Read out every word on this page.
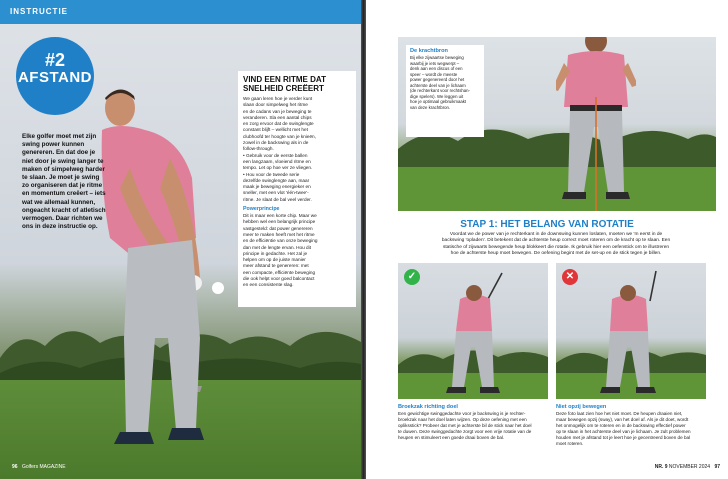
INSTRUCTIE
#2
AFSTAND
Elke golfer moet met zijn
swing power kunnen
genereren. En dat doe je
niet door je swing langer te
maken of simpelweg harder
te slaan. Je moet je swing
zo organiseren dat je ritme
en momentum creëert – iets
wat we allemaal kunnen,
ongeacht kracht of atletisch
vermogen. Daar richten we
ons in deze instructie op.
VIND EEN RITME DAT
SNELHEID CREËERT
We gaan leren hoe je verder kunt
slaan door simpelweg het ritme
en de cadans van je beweging te
veranderen. Sla een aantal chips
en zorg ervoor dat de swinglengte
constant blijft – wellicht met het
clubhoofd ter hoogte van je knieën,
zowel in de backswing als in de
follow-through.
• Gebruik voor de eerste ballen
een langzaam, vloeiend ritme en
tempo. Let op hoe ver ze vliegen.
• Hou voor de tweede serie
dezelfde swinglengte aan, maar
maak je beweging energieker en
sneller, met een vlot 'één-twee'-
ritme. Je slaat de bal veel verder.
Powerprincipe
Dit is maar een korte chip. Maar we
hebben wel een belangrijk principe
vastgesteld: dat power genereren
meer te maken heeft met het ritme
en de efficiëntie van onze beweging
dan met de lengte ervan. Hou dit
principe in gedachte. Het zal je
helpen om op de juiste manier
meer afstand te genereren: met
een compacte, efficiënte beweging
die ook helpt voor goed balcontact
en een consistente slag.
96 Golfers MAGAZINE
De krachtbron
Bij elke zijwaartse beweging
waarbij je iets wegwerpt –
denk aan een discus of een
speer – wordt de meeste
power gegenereerd door het
achterste deel van je lichaam
(de rechterkant voor rechtshan-
dige spelers). We leggen uit
hoe je optimaal gebruikmaakt
van deze krachtbron.
STAP 1: HET BELANG VAN ROTATIE
Voordat we de power van je rechterkant in de downswing kunnen loslaten, moeten we 'm eerst in de
backswing 'opladen'. Dit betekent dat de achterste heup correct moet roteren om de kracht op te slaan. Een
statische of zijwaarts bewegende heup blokkeert die rotatie. Ik gebruik hier een oefenstick om te illustreren
hoe de achterste heup moet bewegen. De oefening begint met de set-up en de stick tegen je billen.
✓	✕
Broekzak richting doel
Een gewichtige swinggedachte voor je backswing is je rechter-
broekzak naar het doel laten wijzen. Op deze oefening met een
opliksstick? Probeer dat met je achterste bil de stick naar het doel
te duwen. Deze swinggedachte zorgt voor een vrije rotatie van de
heupen en stimuleert een goede draai boven de bal.
Niet opzij bewegen
Deze foto laat zien hoe het niet moet. De heupen draaien niet,
maar bewegen opzij (sway), van het doel af. Als je dit doet, wordt
het onmogelijk om te roteren en in de backswing effectief power
op te slaan in het achterste deel van je lichaam. Je zult problemen
houden met je afstand tot je leert hoe je gecentreerd boven de bal
moet roteren.
NR. 9 NOVEMBER 2024 97
